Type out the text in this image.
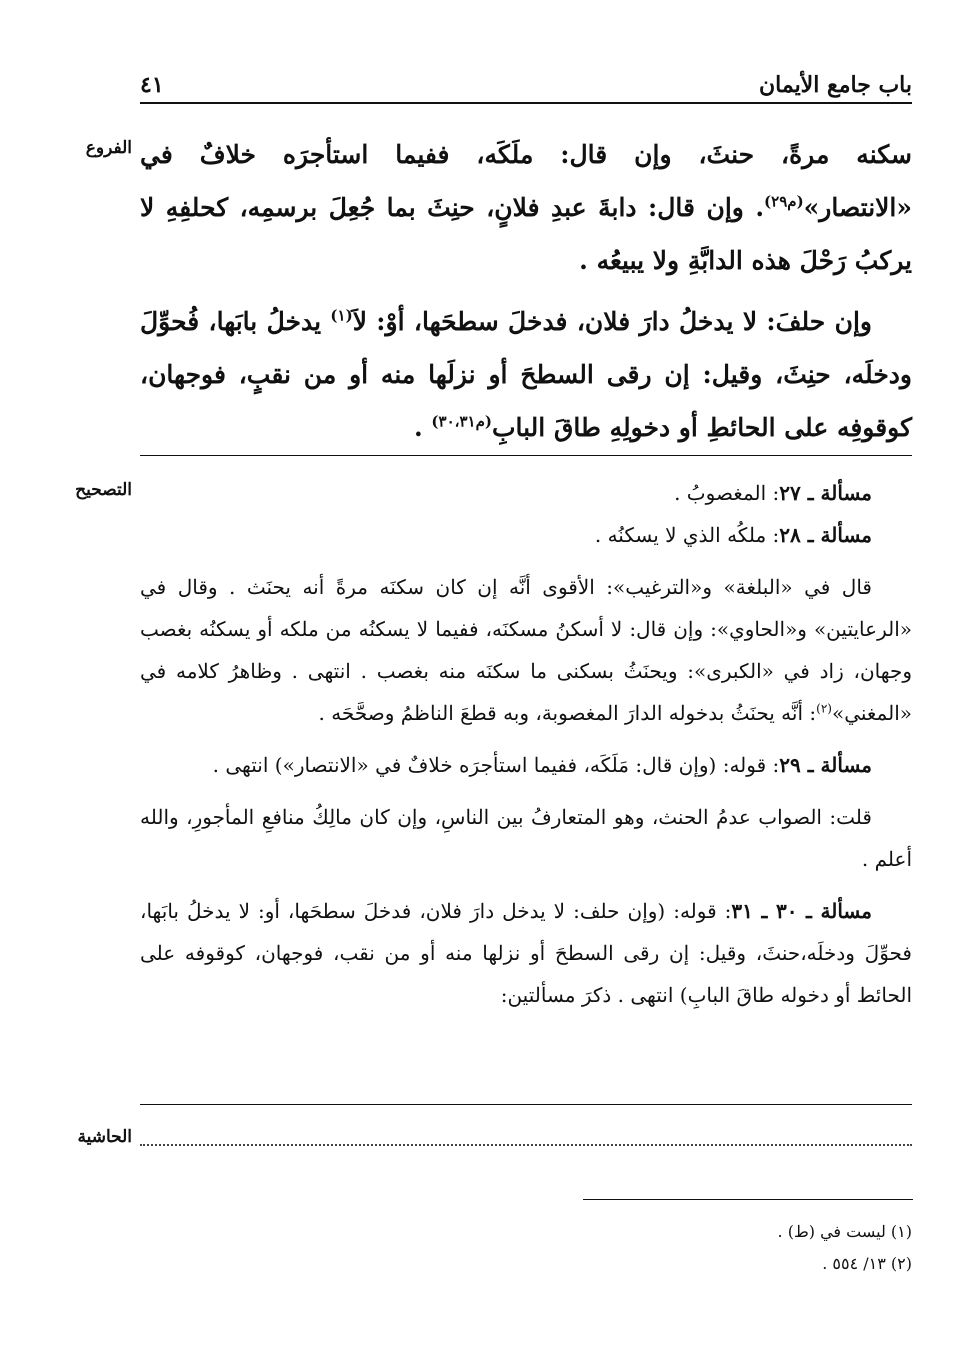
باب جامع الأيمان
٤١
الفروع سكنه مرةً، حنثَ، وإن قال: ملَكَه، ففيما استأجرَه خلافٌ في «الانتصار»$^{(م٢٩)}$. وإن قال: دابةَ عبدِ فلانٍ، حنِثَ بما جُعِلَ برسمِه، كحلفِهِ لا يركبُ رَحْلَ هذه الدابَّةِ ولا يبيعُه .

وإن حلفَ: لا يدخلُ دارَ فلان، فدخلَ سطحَها، أوْ: لاَ$^{(١)}$ يدخلُ بابَها، فُحوِّلَ ودخلَه، حنِثَ، وقيل: إن رقى السطحَ أو نزلَها منه أو من نقبٍ، فوجهان، كوقوفِه على الحائطِ أو دخولِهِ طاقَ البابِ$^{(م٣٠،٣١)}$ .

التصحيح	مسألة ـ ٢٧: المغصوبُ .

مسألة ـ ٢٨: ملكُه الذي لا يسكنُه .

قال في «البلغة» و«الترغيب»: الأقوى أنَّه إن كان سكنَه مرةً أنه يحنَث . وقال في «الرعايتين» و«الحاوي»: وإن قال: لا أسكنُ مسكنَه، ففيما لا يسكنُه من ملكه أو يسكنُه بغصب وجهان، زاد في «الكبرى»: ويحنَثُ بسكنى ما سكنَه منه بغصب . انتهى . وظاهرُ كلامه في «المغني»$^{(٢)}$: أنَّه يحنَثُ بدخوله الدارَ المغصوبة، وبه قطعَ الناظمُ وصحَّحَه .

مسألة ـ ٢٩: قوله: (وإن قال: مَلَكَه، ففيما استأجرَه خلافٌ في «الانتصار») انتهى .

قلت: الصواب عدمُ الحنث، وهو المتعارفُ بين الناسِ، وإن كان مالِكُ منافعِ المأجورِ، والله أعلم .

مسألة ـ ٣٠ ـ ٣١: قوله: (وإن حلف: لا يدخل دارَ فلان، فدخلَ سطحَها، أو: لا يدخلُ بابَها، فحوِّلَ ودخلَه،حنثَ، وقيل: إن رقى السطحَ أو نزلها منه أو من نقب، فوجهان، كوقوفه على الحائط أو دخوله طاقَ البابِ) انتهى . ذكرَ مسألتين:

الحاشية
(١) ليست في (ط) .
(٢) ١٣/ ٥٥٤ .
